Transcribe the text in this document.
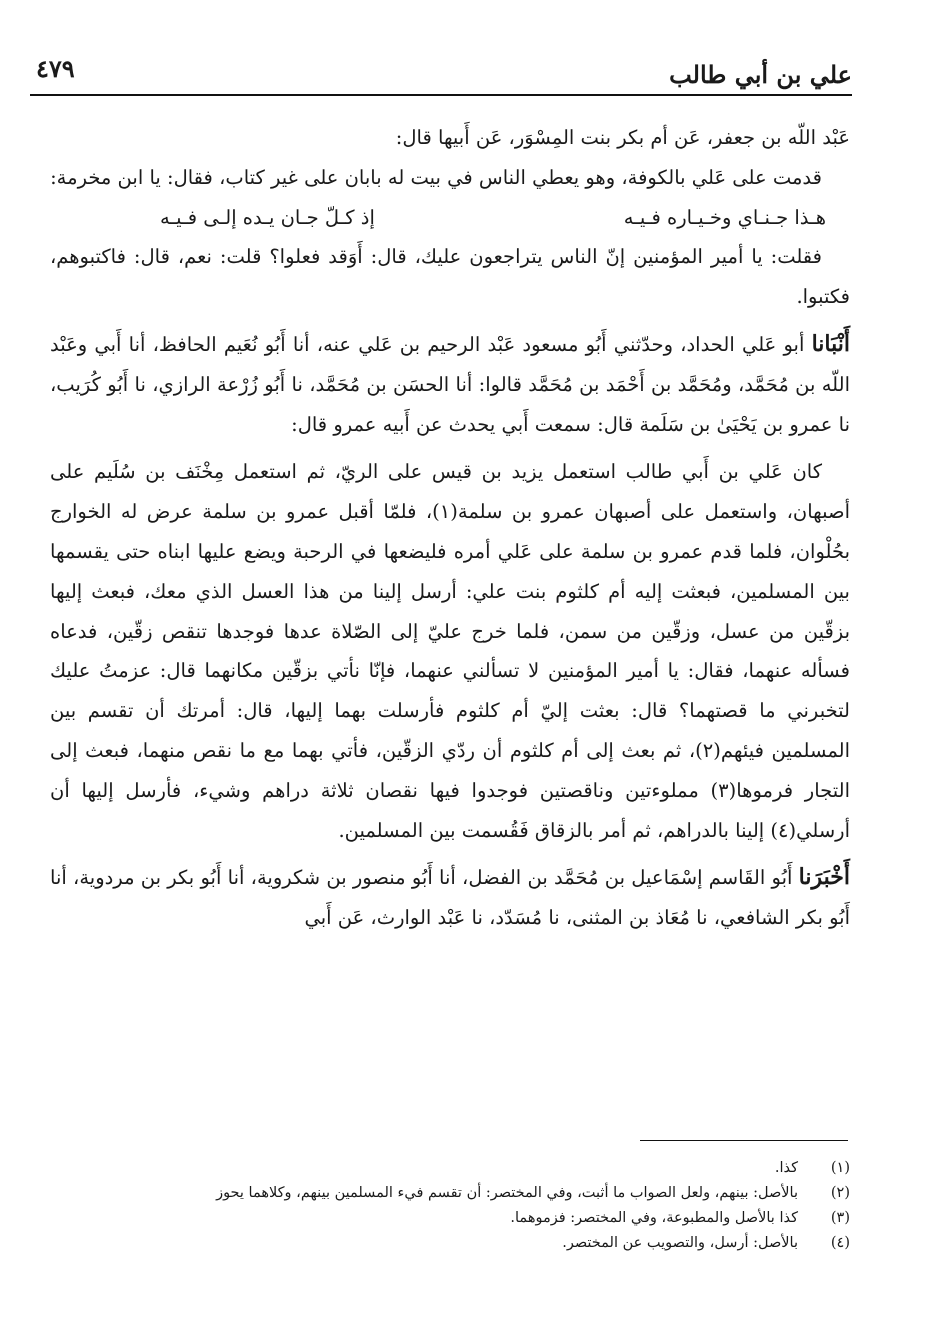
٤٧٩	علي بن أبي طالب

عَبْد اللّه بن جعفر، عَن أم بكر بنت المِسْوَر، عَن أَبيها قال:

قدمت على عَلي بالكوفة، وهو يعطي الناس في بيت له بابان على غير كتاب، فقال: يا ابن مخرمة:

هـذا جـنـاي وخـيـاره فـيـه
إذ كـلّ جـان يـده إلـى فـيـه

فقلت: يا أمير المؤمنين إنّ الناس يتراجعون عليك، قال: أَوَقد فعلوا؟ قلت: نعم، قال: فاكتبوهم، فكتبوا.

أَنْبَانا أبو عَلي الحداد، وحدّثني أَبُو مسعود عَبْد الرحيم بن عَلي عنه، أنا أَبُو نُعَيم الحافظ، أنا أَبي وعَبْد اللّه بن مُحَمَّد، ومُحَمَّد بن أَحْمَد بن مُحَمَّد قالوا: أنا الحسَن بن مُحَمَّد، نا أَبُو زُرْعة الرازي، نا أَبُو كُرَيب، نا عمرو بن يَحْيَىٰ بن سَلَمة قال: سمعت أَبي يحدث عن أَبيه عمرو قال:

كان عَلي بن أَبي طالب استعمل يزيد بن قيس على الريّ، ثم استعمل مِخْنَف بن سُلَيم على أصبهان، واستعمل على أصبهان عمرو بن سلمة(١)، فلمّا أقبل عمرو بن سلمة عرض له الخوارج بحُلْوان، فلما قدم عمرو بن سلمة على عَلي أمره فليضعها في الرحبة ويضع عليها ابناه حتى يقسمها بين المسلمين، فبعثت إليه أم كلثوم بنت علي: أرسل إلينا من هذا العسل الذي معك، فبعث إليها بزقّين من عسل، وزقّين من سمن، فلما خرج عليّ إلى الصّلاة عدها فوجدها تنقص زقّين، فدعاه فسأله عنهما، فقال: يا أمير المؤمنين لا تسألني عنهما، فإنّا نأتي بزقّين مكانهما قال: عزمتُ عليك لتخبرني ما قصتهما؟ قال: بعثت إليّ أم كلثوم فأرسلت بهما إليها، قال: أمرتك أن تقسم بين المسلمين فيئهم(٢)، ثم بعث إلى أم كلثوم أن ردّي الزقّين، فأتي بهما مع ما نقص منهما، فبعث إلى التجار فرموها(٣) مملوءتين وناقصتين فوجدوا فيها نقصان ثلاثة دراهم وشيء، فأرسل إليها أن أرسلي(٤) إلينا بالدراهم، ثم أمر بالزقاق فَقُسمت بين المسلمين.

أَخْبَرَنا أَبُو القَاسم إسْمَاعيل بن مُحَمَّد بن الفضل، أنا أَبُو منصور بن شكروية، أنا أَبُو بكر بن مردوية، أنا أَبُو بكر الشافعي، نا مُعَاذ بن المثنى، نا مُسَدّد، نا عَبْد الوارث، عَن أَبي

(١)
كذا.
(٢)
بالأصل: بينهم، ولعل الصواب ما أثبت، وفي المختصر: أن تقسم فيء المسلمين بينهم، وكلاهما يحوز
(٣)
كذا بالأصل والمطبوعة، وفي المختصر: فزموهما.
(٤)
بالأصل: أرسل، والتصويب عن المختصر.
